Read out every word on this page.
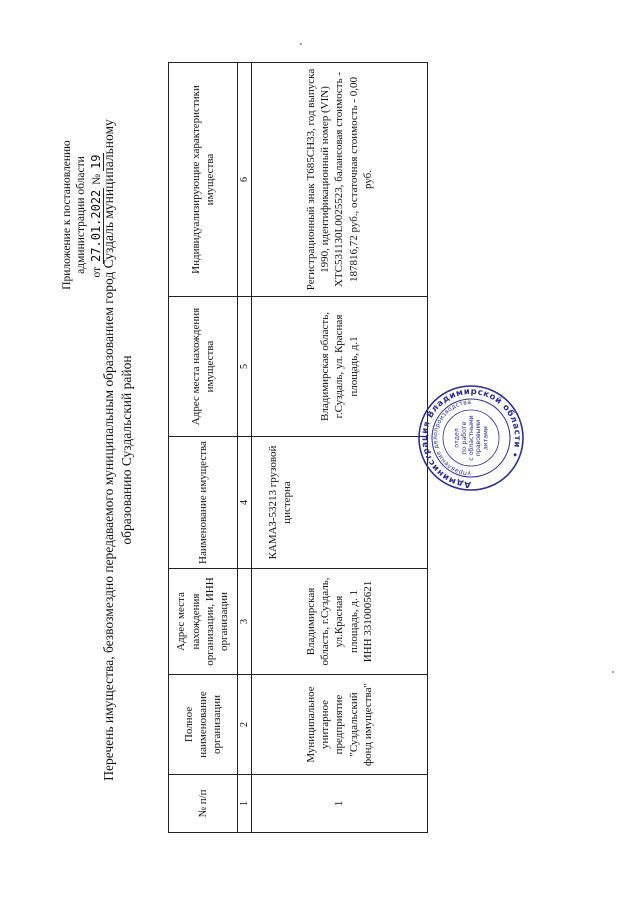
Приложение к постановлению администрации области от 27.01.2022 № 19
Перечень имущества, безвозмездно передаваемого муниципальным образованием город Суздаль муниципальному образованию Суздальский район
№ п/п	Полное наименование организации	Адрес места нахождения организации, ИНН организации	Наименование имущества	Адрес места нахождения имущества	Индивидуализирующие характеристики имущества
1	2	3	4	5	6
1	Муниципальное унитарное предприятие "Суздальский фонд имущества"	Владимирская область, г.Суздаль, ул.Красная площадь, д. 1 ИНН 3310005621	КАМАЗ-53213 грузовой цистерна	Владимирская область, г.Суздаль, ул. Красная площадь, д.1	Регистрационный знак Т685СН33, год выпуска 1990, идентификационный номер (VIN) ХТС531130L0025523, балансовая стоимость - 187816,72 руб., остаточная стоимость - 0,00 руб.
Администрация Владимирской области •
управление делопроизводства
отдел по работе с областными правовыми актами
